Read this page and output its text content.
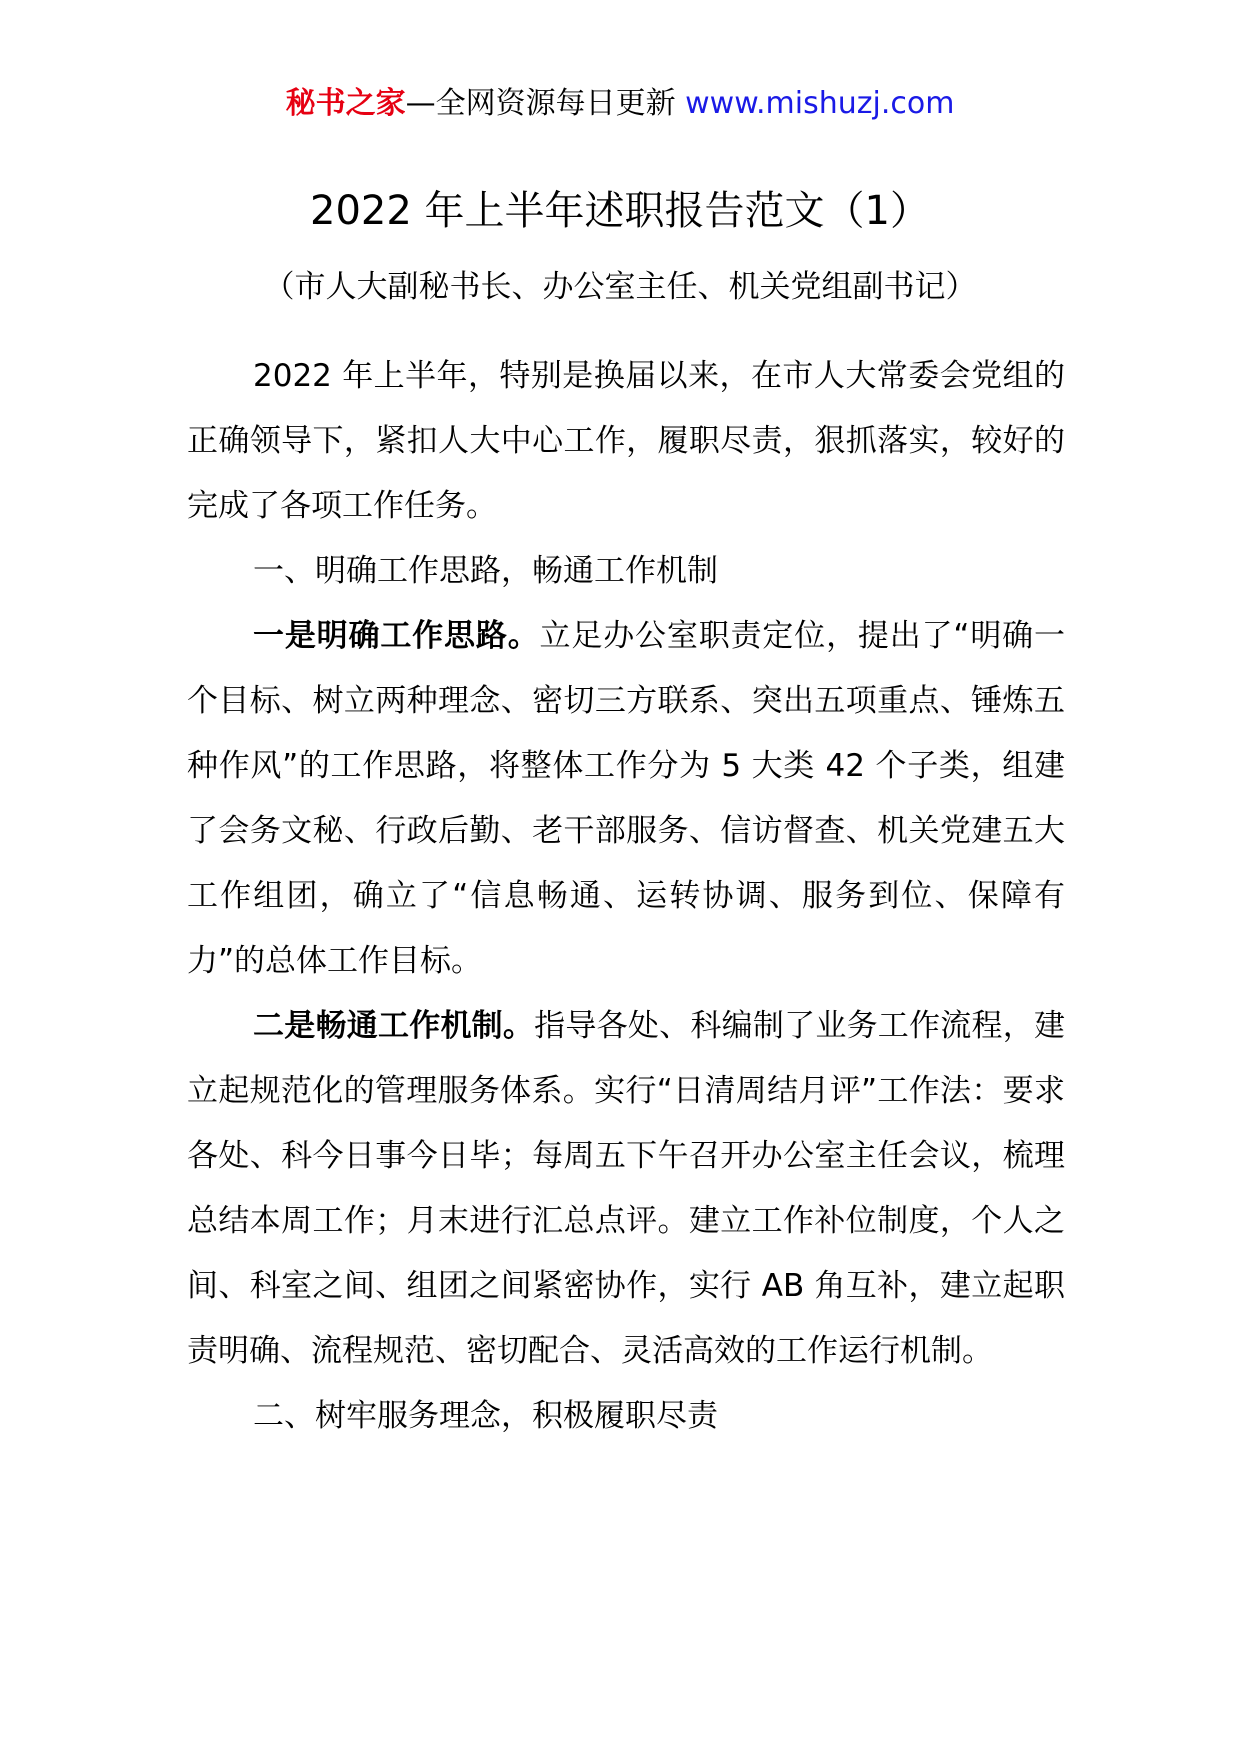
秘书之家—全网资源每日更新 www.mishuzj.com
2022 年上半年述职报告范文（1）
（市人大副秘书长、办公室主任、机关党组副书记）

2022 年上半年，特别是换届以来，在市人大常委会党组的正确领导下，紧扣人大中心工作，履职尽责，狠抓落实，较好的完成了各项工作任务。

一、明确工作思路，畅通工作机制

一是明确工作思路。立足办公室职责定位，提出了“明确一个目标、树立两种理念、密切三方联系、突出五项重点、锤炼五种作风”的工作思路，将整体工作分为 5 大类 42 个子类，组建了会务文秘、行政后勤、老干部服务、信访督查、机关党建五大工作组团，确立了“信息畅通、运转协调、服务到位、保障有力”的总体工作目标。

二是畅通工作机制。指导各处、科编制了业务工作流程，建立起规范化的管理服务体系。实行“日清周结月评”工作法：要求各处、科今日事今日毕；每周五下午召开办公室主任会议，梳理总结本周工作；月末进行汇总点评。建立工作补位制度，个人之间、科室之间、组团之间紧密协作，实行 AB 角互补，建立起职责明确、流程规范、密切配合、灵活高效的工作运行机制。

二、树牢服务理念，积极履职尽责
